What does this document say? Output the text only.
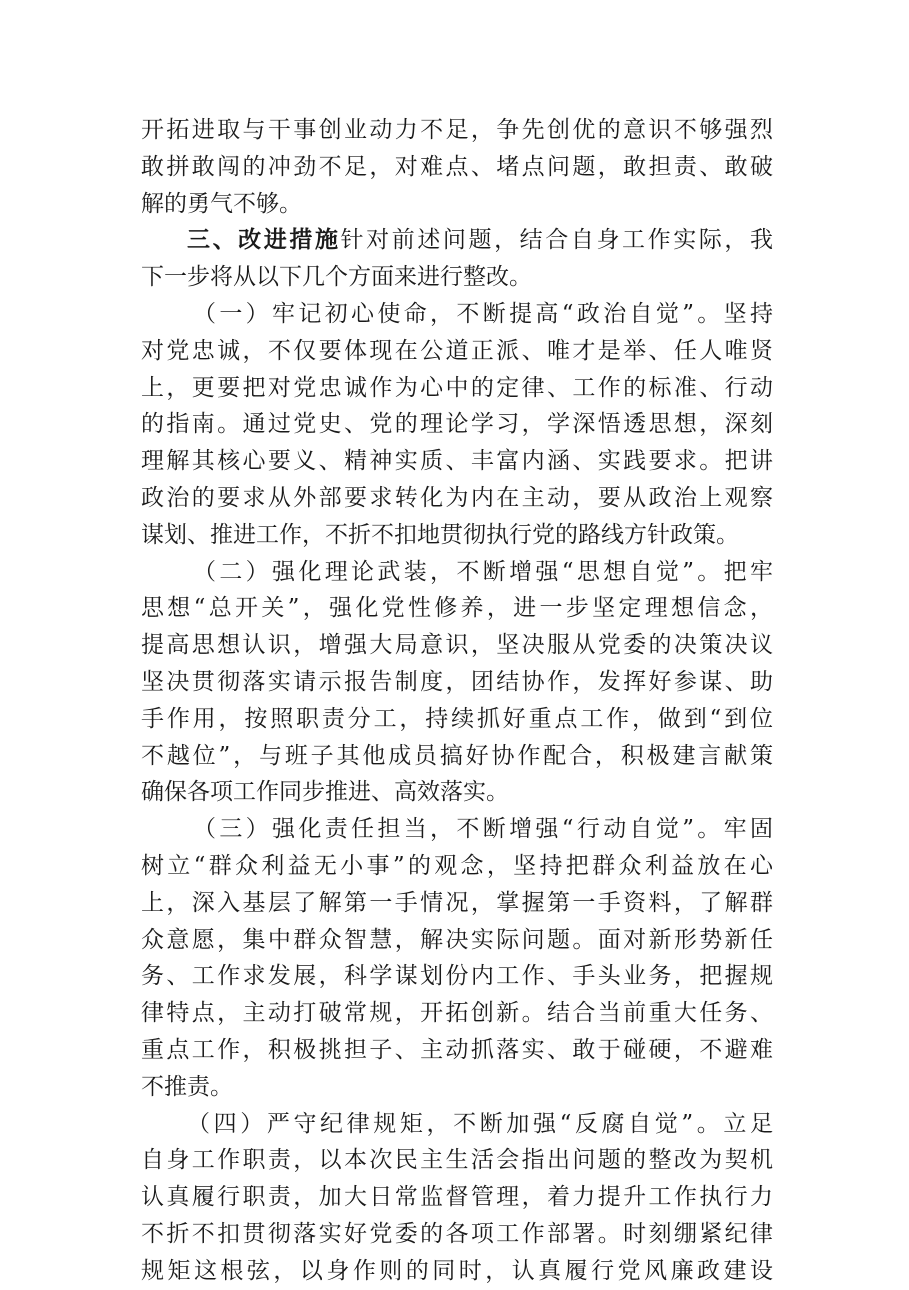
开拓进取与干事创业动力不足，争先创优的意识不够强烈
敢拼敢闯的冲劲不足，对难点、堵点问题，敢担责、敢破
解的勇气不够。
三、改进措施针对前述问题，结合自身工作实际，我
下一步将从以下几个方面来进行整改。
（一）牢记初心使命，不断提高“政治自觉”。坚持
对党忠诚，不仅要体现在公道正派、唯才是举、任人唯贤
上，更要把对党忠诚作为心中的定律、工作的标准、行动
的指南。通过党史、党的理论学习，学深悟透思想，深刻
理解其核心要义、精神实质、丰富内涵、实践要求。把讲
政治的要求从外部要求转化为内在主动，要从政治上观察
谋划、推进工作，不折不扣地贯彻执行党的路线方针政策。
（二）强化理论武装，不断增强“思想自觉”。把牢
思想“总开关”，强化党性修养，进一步坚定理想信念，
提高思想认识，增强大局意识，坚决服从党委的决策决议
坚决贯彻落实请示报告制度，团结协作，发挥好参谋、助
手作用，按照职责分工，持续抓好重点工作，做到“到位
不越位”，与班子其他成员搞好协作配合，积极建言献策
确保各项工作同步推进、高效落实。
（三）强化责任担当，不断增强“行动自觉”。牢固
树立“群众利益无小事”的观念，坚持把群众利益放在心
上，深入基层了解第一手情况，掌握第一手资料，了解群
众意愿，集中群众智慧，解决实际问题。面对新形势新任
务、工作求发展，科学谋划份内工作、手头业务，把握规
律特点，主动打破常规，开拓创新。结合当前重大任务、
重点工作，积极挑担子、主动抓落实、敢于碰硬，不避难
不推责。
（四）严守纪律规矩，不断加强“反腐自觉”。立足
自身工作职责，以本次民主生活会指出问题的整改为契机
认真履行职责，加大日常监督管理，着力提升工作执行力
不折不扣贯彻落实好党委的各项工作部署。时刻绷紧纪律
规矩这根弦，以身作则的同时，认真履行党风廉政建设
